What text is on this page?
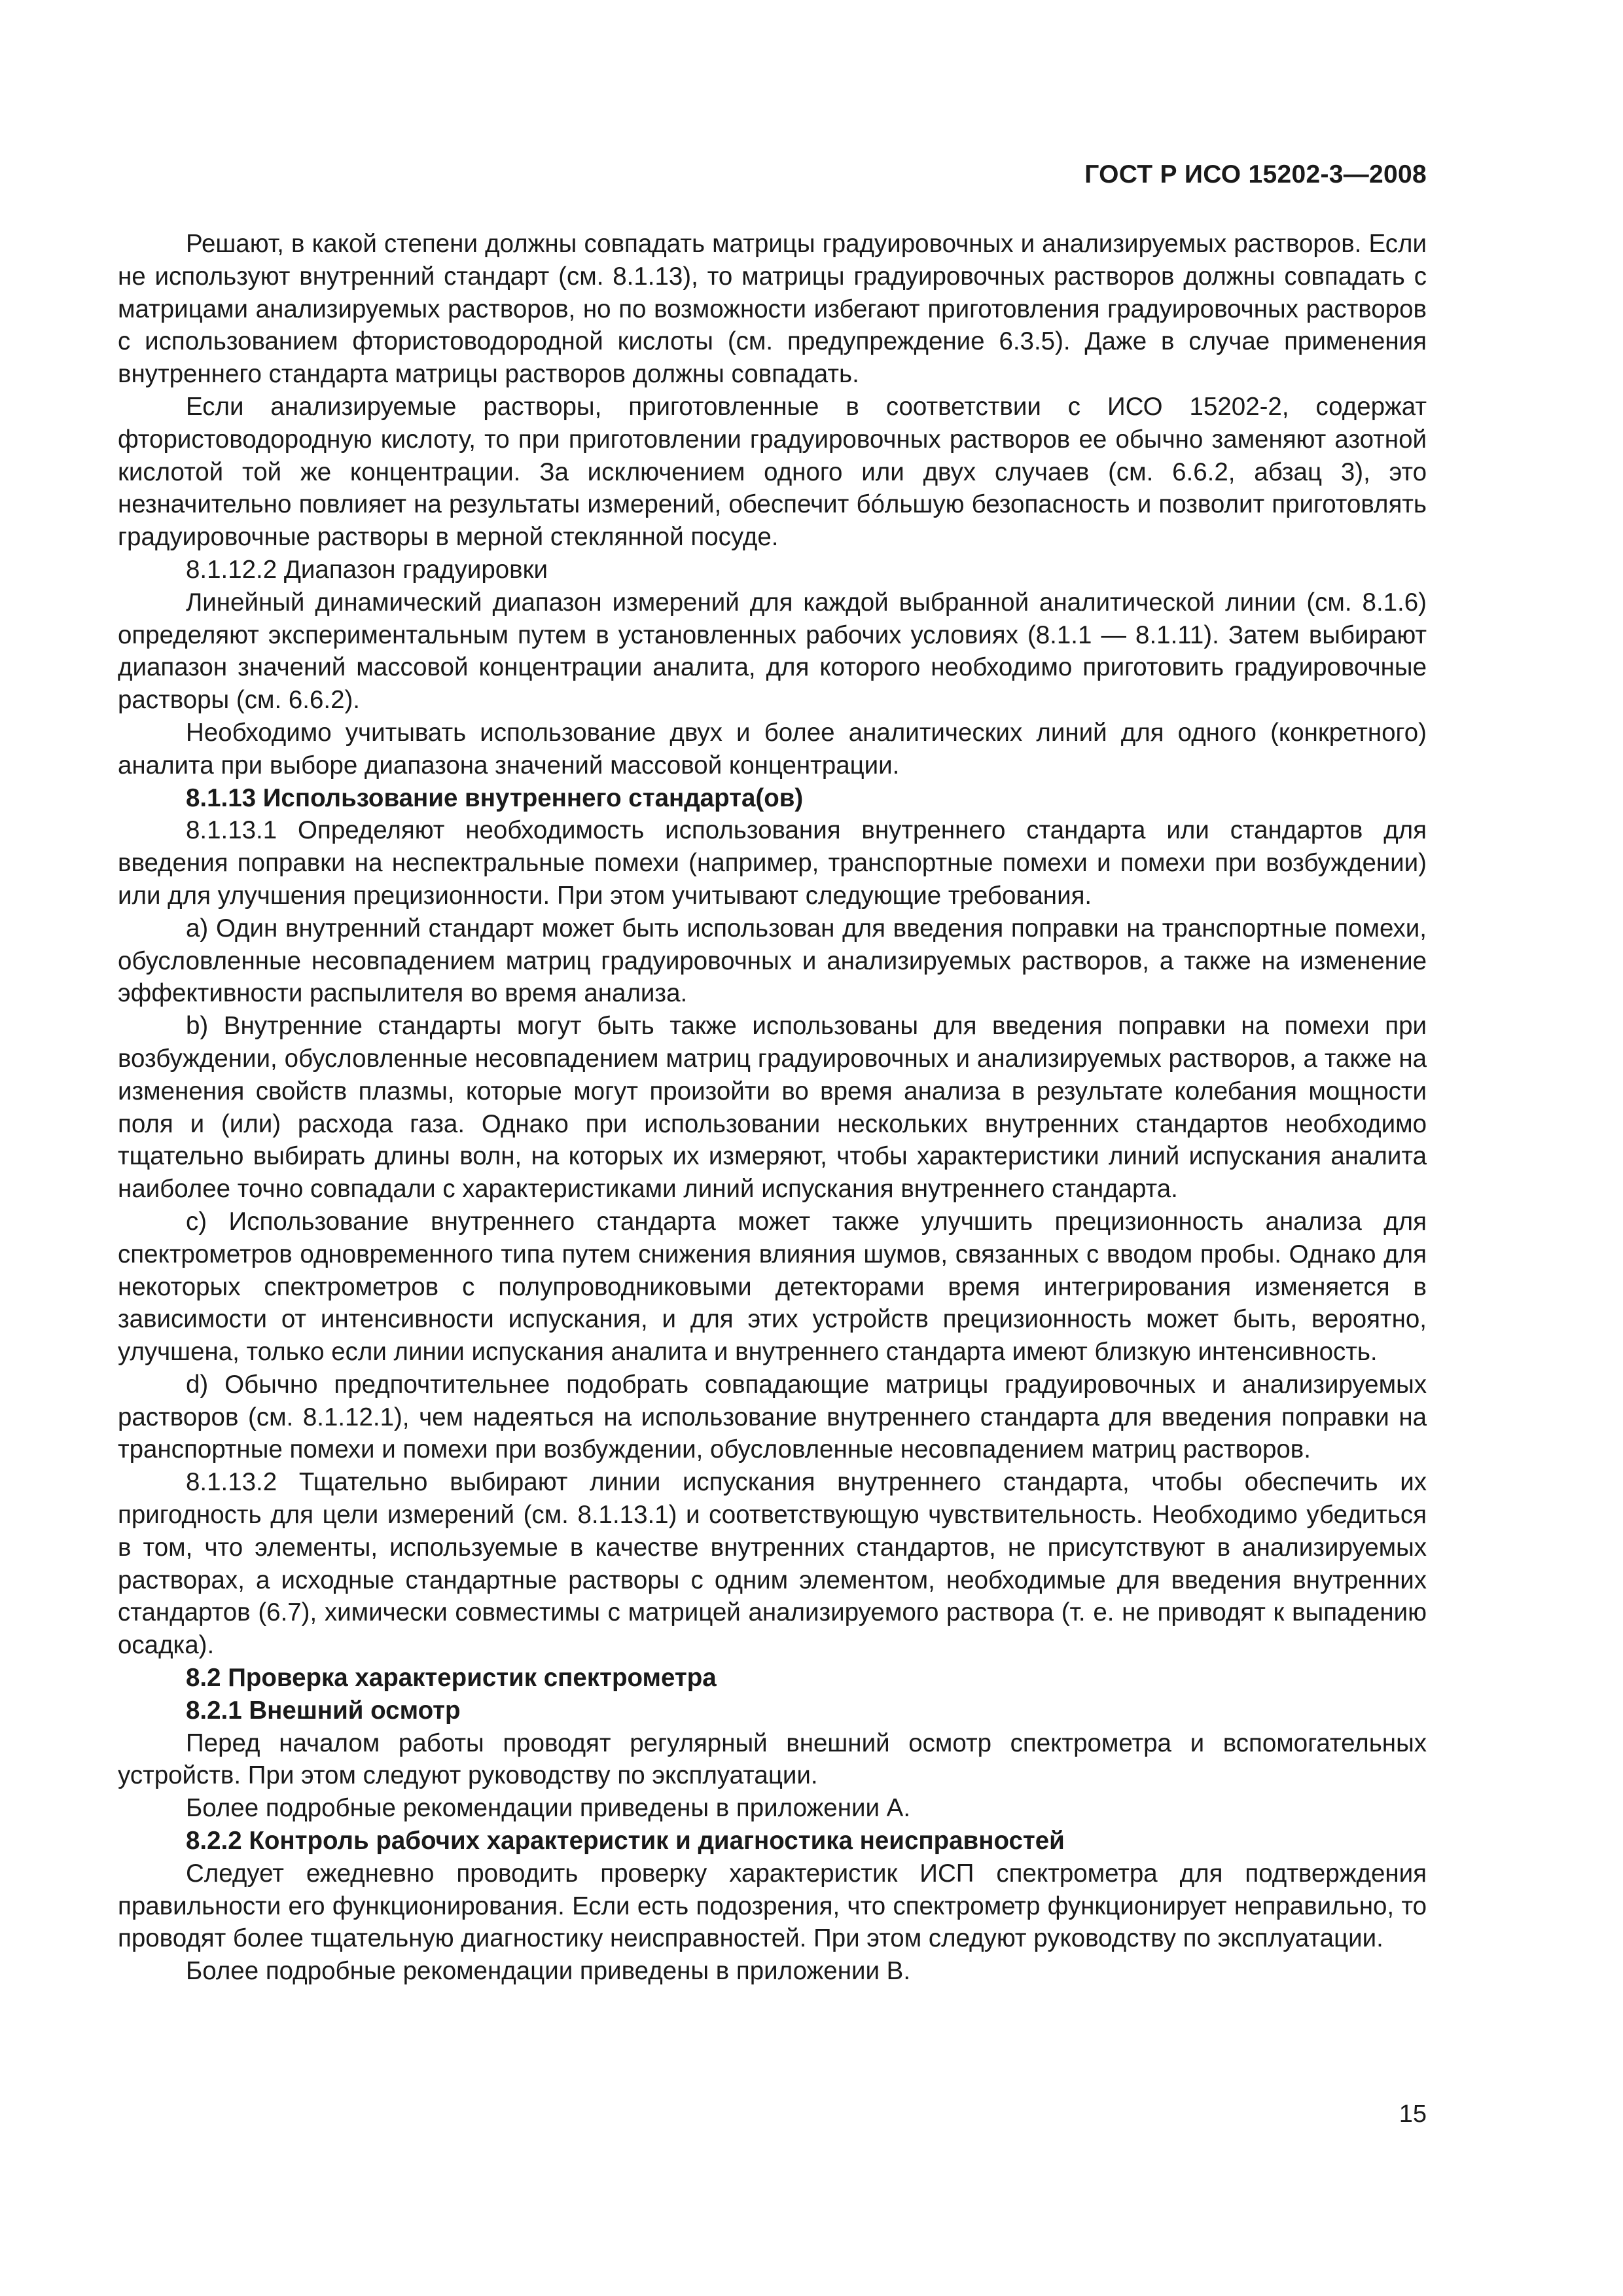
ГОСТ Р ИСО 15202-3—2008

Решают, в какой степени должны совпадать матрицы градуировочных и анализируемых растворов. Если не используют внутренний стандарт (см. 8.1.13), то матрицы градуировочных растворов должны совпадать с матрицами анализируемых растворов, но по возможности избегают приготовления градуировочных растворов с использованием фтористоводородной кислоты (см. предупреждение 6.3.5). Даже в случае применения внутреннего стандарта матрицы растворов должны совпадать.

Если анализируемые растворы, приготовленные в соответствии с ИСО 15202-2, содержат фтористоводородную кислоту, то при приготовлении градуировочных растворов ее обычно заменяют азотной кислотой той же концентрации. За исключением одного или двух случаев (см. 6.6.2, абзац 3), это незначительно повлияет на результаты измерений, обеспечит бóльшую безопасность и позволит приготовлять градуировочные растворы в мерной стеклянной посуде.

8.1.12.2 Диапазон градуировки

Линейный динамический диапазон измерений для каждой выбранной аналитической линии (см. 8.1.6) определяют экспериментальным путем в установленных рабочих условиях (8.1.1 — 8.1.11). Затем выбирают диапазон значений массовой концентрации аналита, для которого необходимо приготовить градуировочные растворы (см. 6.6.2).

Необходимо учитывать использование двух и более аналитических линий для одного (конкретного) аналита при выборе диапазона значений массовой концентрации.

8.1.13 Использование внутреннего стандарта(ов)

8.1.13.1 Определяют необходимость использования внутреннего стандарта или стандартов для введения поправки на неспектральные помехи (например, транспортные помехи и помехи при возбуждении) или для улучшения прецизионности. При этом учитывают следующие требования.

a) Один внутренний стандарт может быть использован для введения поправки на транспортные помехи, обусловленные несовпадением матриц градуировочных и анализируемых растворов, а также на изменение эффективности распылителя во время анализа.

b) Внутренние стандарты могут быть также использованы для введения поправки на помехи при возбуждении, обусловленные несовпадением матриц градуировочных и анализируемых растворов, а также на изменения свойств плазмы, которые могут произойти во время анализа в результате колебания мощности поля и (или) расхода газа. Однако при использовании нескольких внутренних стандартов необходимо тщательно выбирать длины волн, на которых их измеряют, чтобы характеристики линий испускания аналита наиболее точно совпадали с характеристиками линий испускания внутреннего стандарта.

c) Использование внутреннего стандарта может также улучшить прецизионность анализа для спектрометров одновременного типа путем снижения влияния шумов, связанных с вводом пробы. Однако для некоторых спектрометров с полупроводниковыми детекторами время интегрирования изменяется в зависимости от интенсивности испускания, и для этих устройств прецизионность может быть, вероятно, улучшена, только если линии испускания аналита и внутреннего стандарта имеют близкую интенсивность.

d) Обычно предпочтительнее подобрать совпадающие матрицы градуировочных и анализируемых растворов (см. 8.1.12.1), чем надеяться на использование внутреннего стандарта для введения поправки на транспортные помехи и помехи при возбуждении, обусловленные несовпадением матриц растворов.

8.1.13.2 Тщательно выбирают линии испускания внутреннего стандарта, чтобы обеспечить их пригодность для цели измерений (см. 8.1.13.1) и соответствующую чувствительность. Необходимо убедиться в том, что элементы, используемые в качестве внутренних стандартов, не присутствуют в анализируемых растворах, а исходные стандартные растворы с одним элементом, необходимые для введения внутренних стандартов (6.7), химически совместимы с матрицей анализируемого раствора (т. е. не приводят к выпадению осадка).

8.2 Проверка характеристик спектрометра

8.2.1 Внешний осмотр

Перед началом работы проводят регулярный внешний осмотр спектрометра и вспомогательных устройств. При этом следуют руководству по эксплуатации.

Более подробные рекомендации приведены в приложении А.

8.2.2 Контроль рабочих характеристик и диагностика неисправностей

Следует ежедневно проводить проверку характеристик ИСП спектрометра для подтверждения правильности его функционирования. Если есть подозрения, что спектрометр функционирует неправильно, то проводят более тщательную диагностику неисправностей. При этом следуют руководству по эксплуатации.

Более подробные рекомендации приведены в приложении В.

15
